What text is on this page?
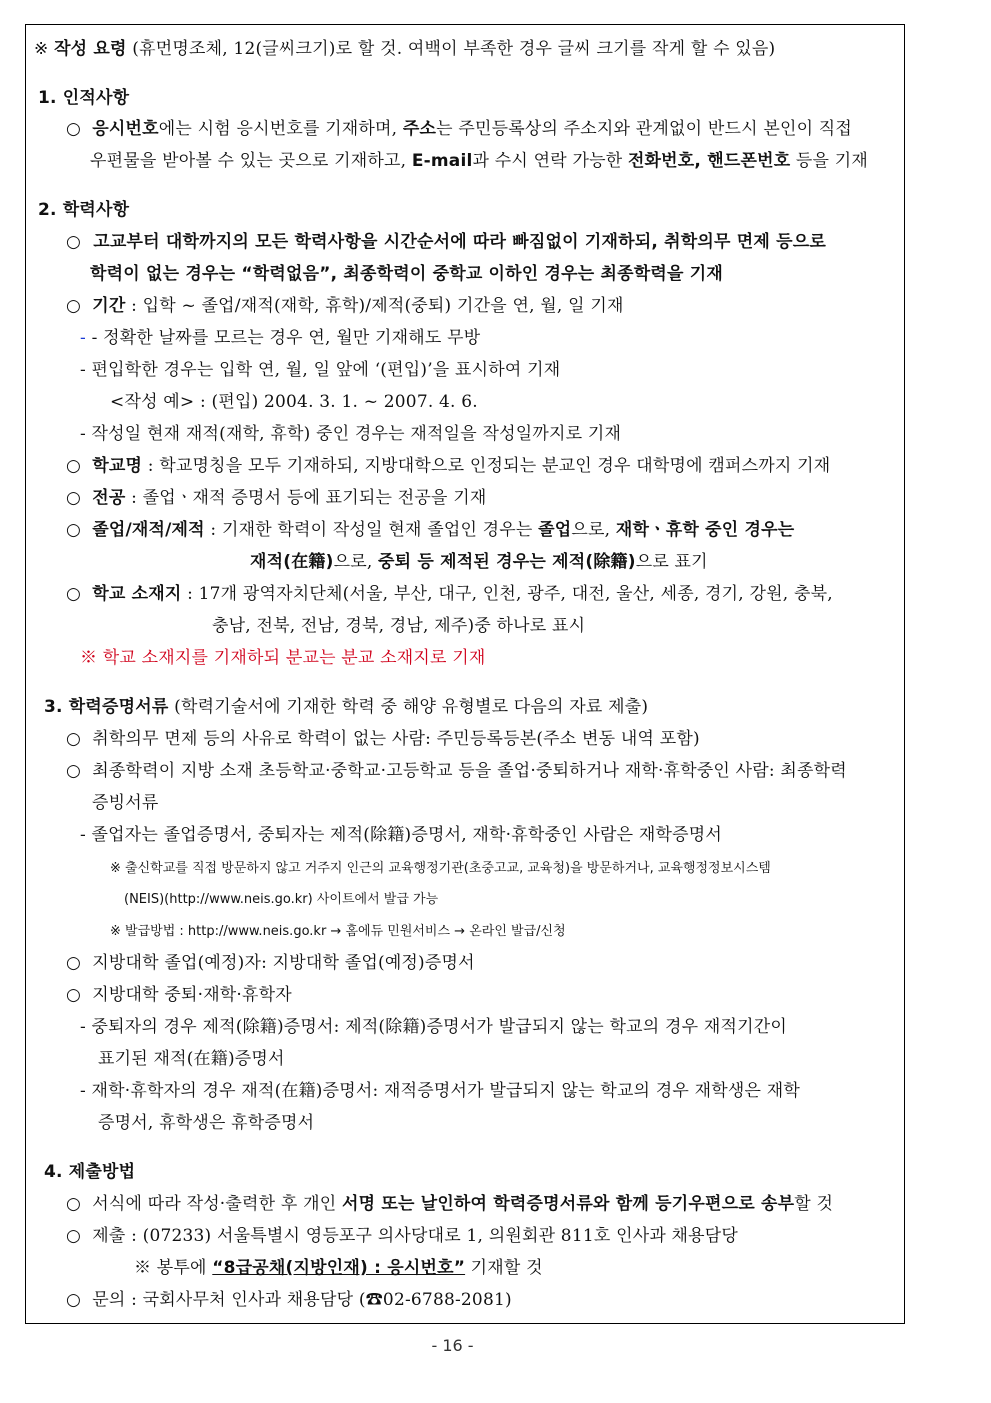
※ 작성 요령 (휴먼명조체, 12(글씨크기)로 할 것. 여백이 부족한 경우 글씨 크기를 작게 할 수 있음)
1. 인적사항
○ 응시번호에는 시험 응시번호를 기재하며, 주소는 주민등록상의 주소지와 관계없이 반드시 본인이 직접
우편물을 받아볼 수 있는 곳으로 기재하고, E-mail과 수시 연락 가능한 전화번호, 핸드폰번호 등을 기재
2. 학력사항
○  고교부터 대학까지의 모든 학력사항을 시간순서에 따라 빠짐없이 기재하되, 취학의무 면제 등으로
학력이 없는 경우는 “학력없음”, 최종학력이 중학교 이하인 경우는 최종학력을 기재
○  기간 : 입학 ~ 졸업/재적(재학, 휴학)/제적(중퇴) 기간을 연, 월, 일 기재
- - 정확한 날짜를 모르는 경우 연, 월만 기재해도 무방
- 편입학한 경우는 입학 연, 월, 일 앞에 ‘(편입)’을 표시하여 기재
<작성 예> : (편입) 2004. 3. 1. ~ 2007. 4. 6.
- 작성일 현재 재적(재학, 휴학) 중인 경우는 재적일을 작성일까지로 기재
○  학교명 : 학교명칭을 모두 기재하되, 지방대학으로 인정되는 분교인 경우 대학명에 캠퍼스까지 기재
○  전공 : 졸업ㆍ재적 증명서 등에 표기되는 전공을 기재
○  졸업/재적/제적 : 기재한 학력이 작성일 현재 졸업인 경우는 졸업으로, 재학ㆍ휴학 중인 경우는
재적(在籍)으로, 중퇴 등 제적된 경우는 제적(除籍)으로 표기
○  학교 소재지 : 17개 광역자치단체(서울, 부산, 대구, 인천, 광주, 대전, 울산, 세종, 경기, 강원, 충북,
충남, 전북, 전남, 경북, 경남, 제주)중 하나로 표시
※ 학교 소재지를 기재하되 분교는 분교 소재지로 기재
3. 학력증명서류 (학력기술서에 기재한 학력 중 해양 유형별로 다음의 자료 제출)
○  취학의무 면제 등의 사유로 학력이 없는 사람: 주민등록등본(주소 변동 내역 포함)
○  최종학력이 지방 소재 초등학교·중학교·고등학교 등을 졸업·중퇴하거나 재학·휴학중인 사람: 최종학력
증빙서류
- 졸업자는 졸업증명서, 중퇴자는 제적(除籍)증명서, 재학·휴학중인 사람은 재학증명서
※ 출신학교를 직접 방문하지 않고 거주지 인근의 교육행정기관(초중고교, 교육청)을 방문하거나, 교육행정정보시스템
(NEIS)(http://www.neis.go.kr) 사이트에서 발급 가능
※ 발급방법 : http://www.neis.go.kr → 홈에듀 민원서비스 → 온라인 발급/신청
○  지방대학 졸업(예정)자: 지방대학 졸업(예정)증명서
○  지방대학 중퇴·재학·휴학자
- 중퇴자의 경우 제적(除籍)증명서: 제적(除籍)증명서가 발급되지 않는 학교의 경우 재적기간이
표기된 재적(在籍)증명서
- 재학·휴학자의 경우 재적(在籍)증명서: 재적증명서가 발급되지 않는 학교의 경우 재학생은 재학
증명서, 휴학생은 휴학증명서
4. 제출방법
○  서식에 따라 작성·출력한 후 개인 서명 또는 날인하여 학력증명서류와 함께 등기우편으로 송부할 것
○  제출 : (07233) 서울특별시 영등포구 의사당대로 1, 의원회관 811호 인사과 채용담당
※ 봉투에 “8급공채(지방인재) : 응시번호” 기재할 것
○  문의 : 국회사무처 인사과 채용담당 (☎02-6788-2081)
- 16 -
